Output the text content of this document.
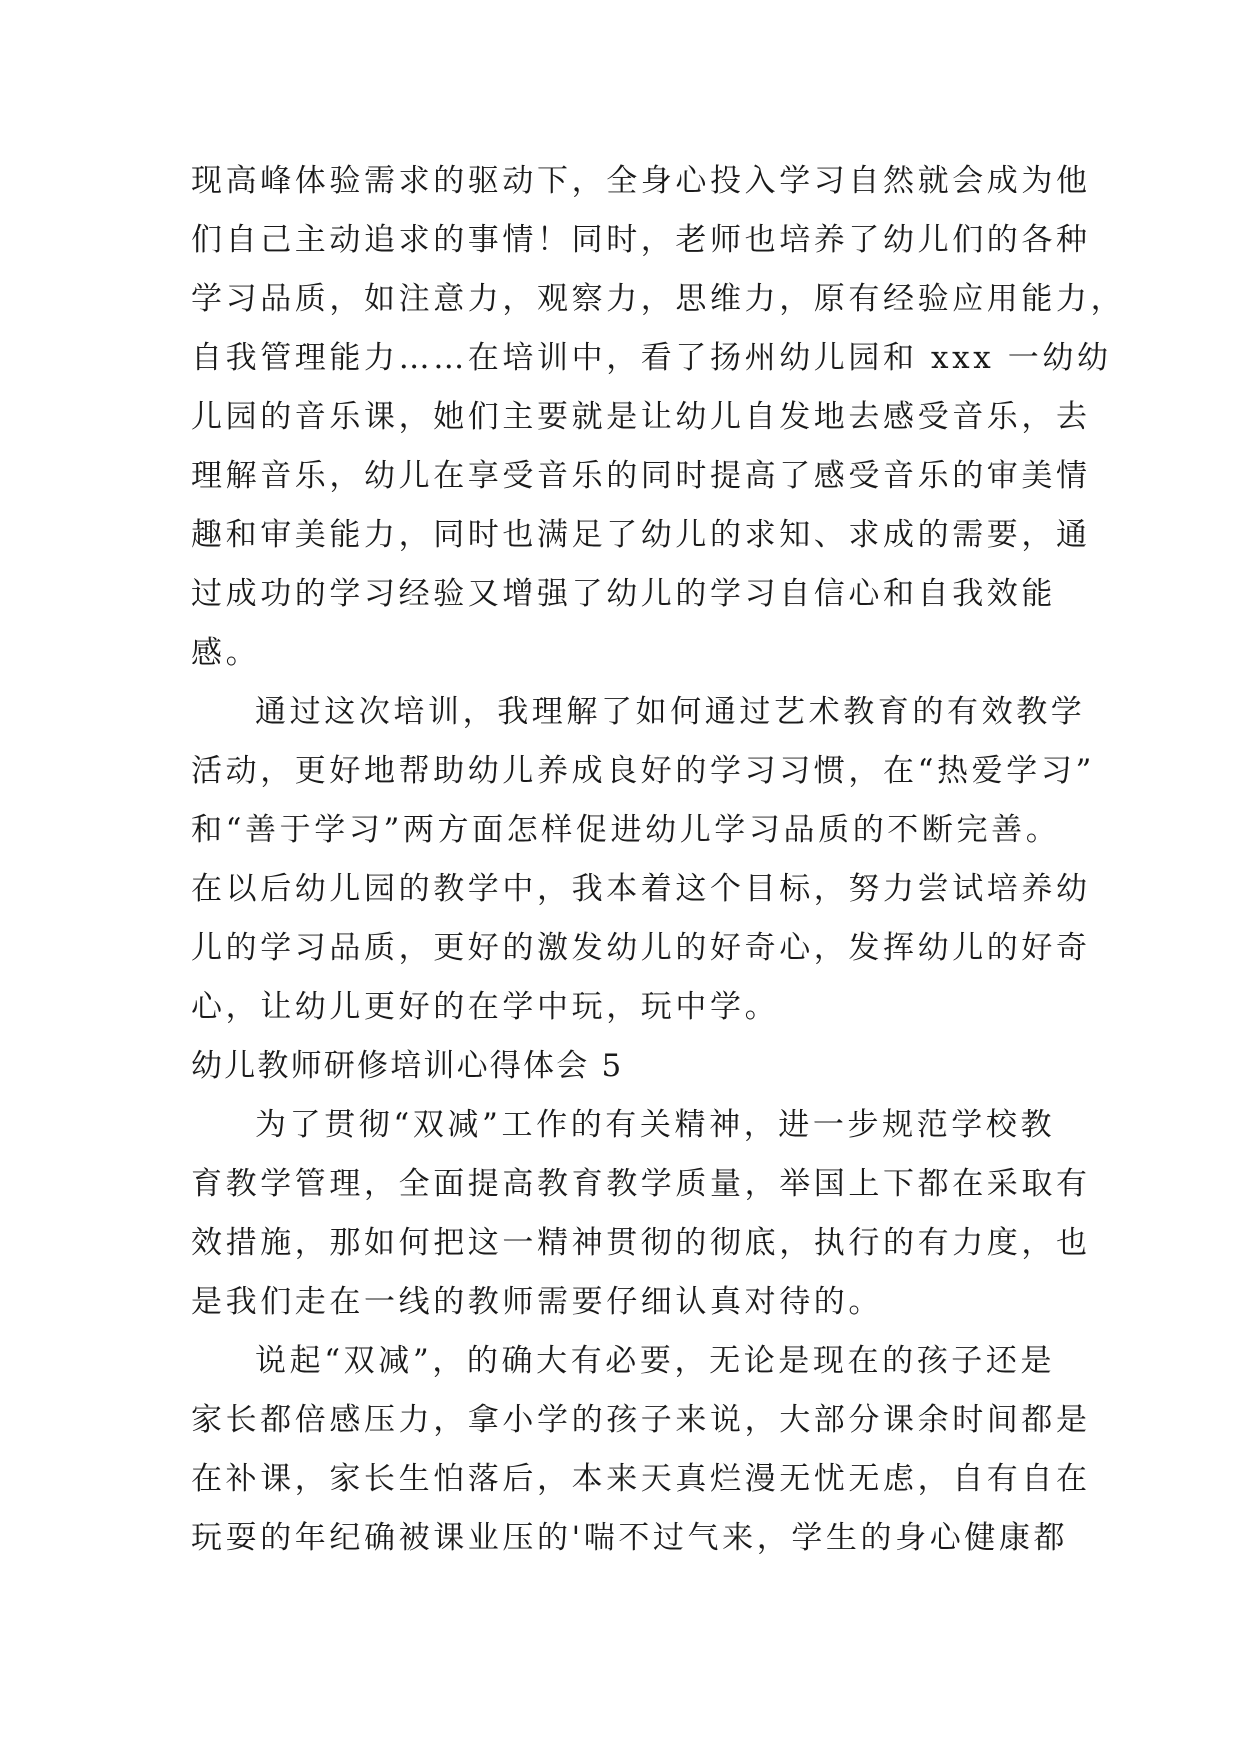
现高峰体验需求的驱动下，全身心投入学习自然就会成为他
们自己主动追求的事情！同时，老师也培养了幼儿们的各种
学习品质，如注意力，观察力，思维力，原有经验应用能力，
自我管理能力……在培训中，看了扬州幼儿园和 xxx 一幼幼
儿园的音乐课，她们主要就是让幼儿自发地去感受音乐，去
理解音乐，幼儿在享受音乐的同时提高了感受音乐的审美情
趣和审美能力，同时也满足了幼儿的求知、求成的需要，通
过成功的学习经验又增强了幼儿的学习自信心和自我效能
感。
通过这次培训，我理解了如何通过艺术教育的有效教学
活动，更好地帮助幼儿养成良好的学习习惯，在“热爱学习”
和“善于学习”两方面怎样促进幼儿学习品质的不断完善。
在以后幼儿园的教学中，我本着这个目标，努力尝试培养幼
儿的学习品质，更好的激发幼儿的好奇心，发挥幼儿的好奇
心，让幼儿更好的在学中玩，玩中学。
幼儿教师研修培训心得体会 5
为了贯彻“双减”工作的有关精神，进一步规范学校教
育教学管理，全面提高教育教学质量，举国上下都在采取有
效措施，那如何把这一精神贯彻的彻底，执行的有力度，也
是我们走在一线的教师需要仔细认真对待的。
说起“双减”，的确大有必要，无论是现在的孩子还是
家长都倍感压力，拿小学的孩子来说，大部分课余时间都是
在补课，家长生怕落后，本来天真烂漫无忧无虑，自有自在
玩耍的年纪确被课业压的'喘不过气来，学生的身心健康都
